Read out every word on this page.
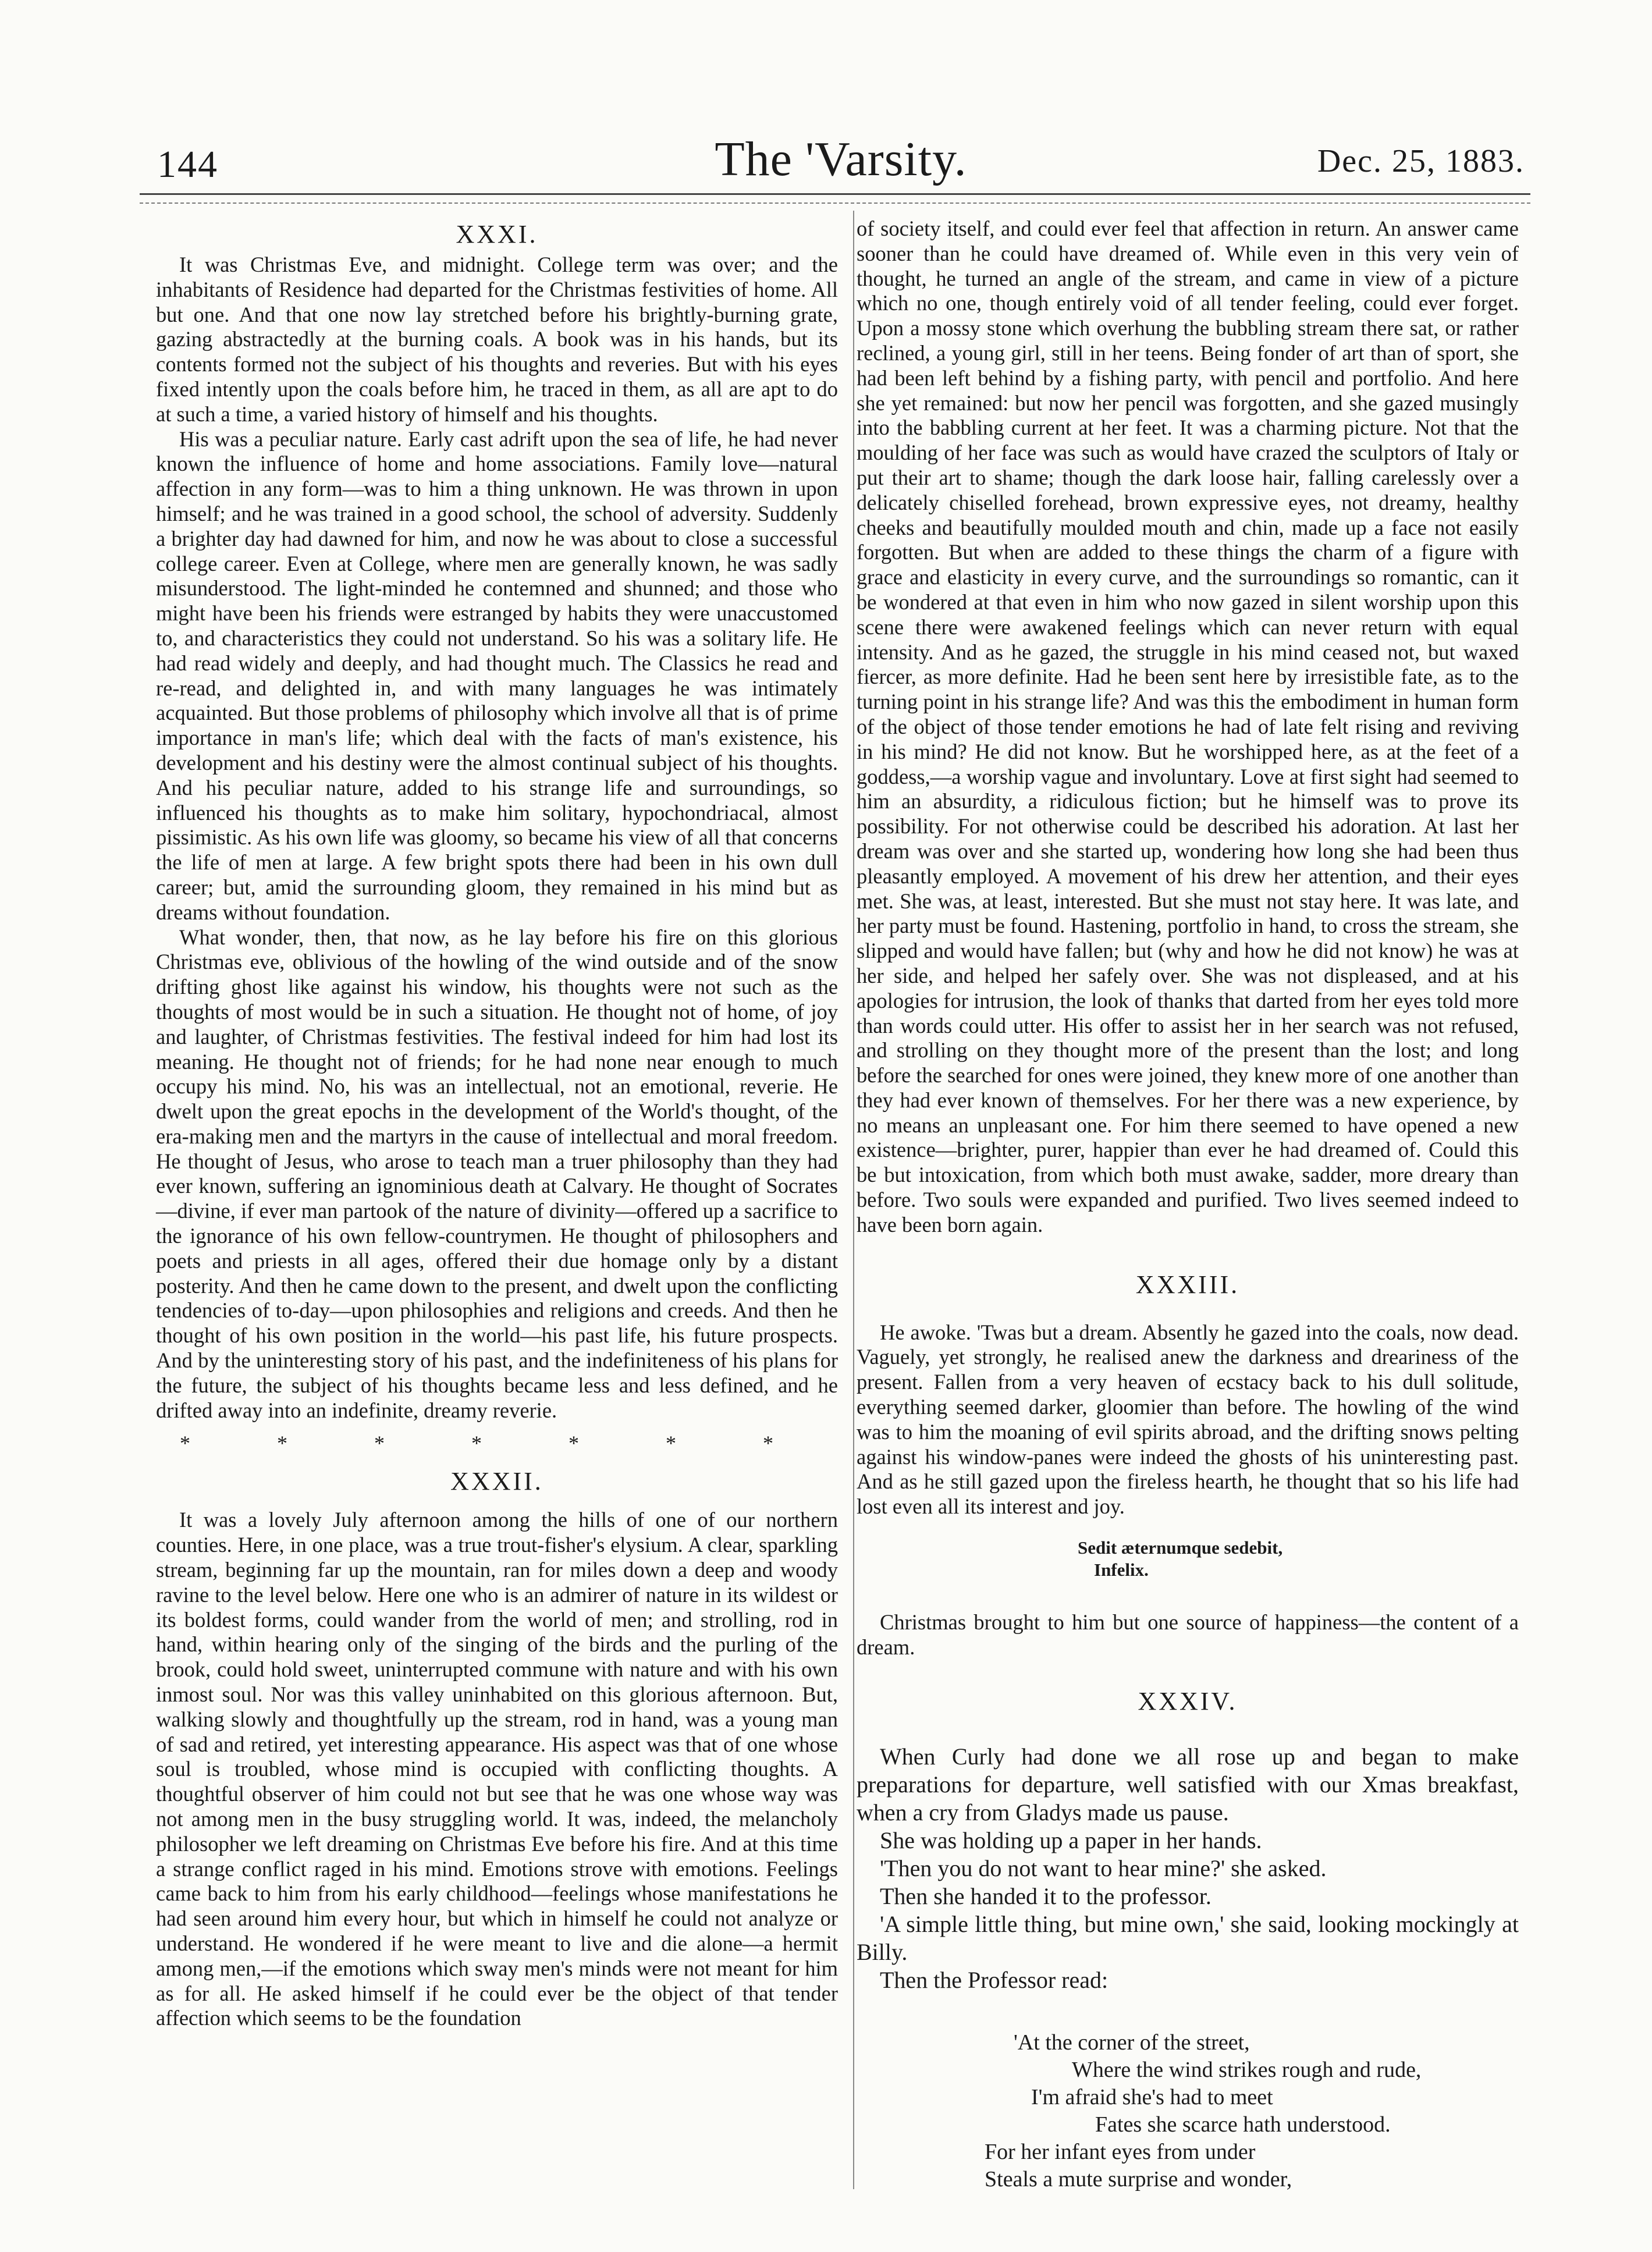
144	The 'Varsity.	Dec. 25, 1883.
XXXI.

It was Christmas Eve, and midnight. College term was over; and the inhabitants of Residence had departed for the Christmas festivities of home. All but one. And that one now lay stretched before his brightly-burning grate, gazing abstractedly at the burning coals. A book was in his hands, but its contents formed not the subject of his thoughts and reveries. But with his eyes fixed intently upon the coals before him, he traced in them, as all are apt to do at such a time, a varied history of himself and his thoughts.

His was a peculiar nature. Early cast adrift upon the sea of life, he had never known the influence of home and home associations. Family love—natural affection in any form—was to him a thing unknown. He was thrown in upon himself; and he was trained in a good school, the school of adversity. Suddenly a brighter day had dawned for him, and now he was about to close a successful college career. Even at College, where men are generally known, he was sadly misunderstood. The light-minded he contemned and shunned; and those who might have been his friends were estranged by habits they were unaccustomed to, and characteristics they could not understand. So his was a solitary life. He had read widely and deeply, and had thought much. The Classics he read and re-read, and delighted in, and with many languages he was intimately acquainted. But those problems of philosophy which involve all that is of prime importance in man's life; which deal with the facts of man's existence, his development and his destiny were the almost continual subject of his thoughts. And his peculiar nature, added to his strange life and surroundings, so influenced his thoughts as to make him solitary, hypochondriacal, almost pissimistic. As his own life was gloomy, so became his view of all that concerns the life of men at large. A few bright spots there had been in his own dull career; but, amid the surrounding gloom, they remained in his mind but as dreams without foundation.

What wonder, then, that now, as he lay before his fire on this glorious Christmas eve, oblivious of the howling of the wind outside and of the snow drifting ghost like against his window, his thoughts were not such as the thoughts of most would be in such a situation. He thought not of home, of joy and laughter, of Christmas festivities. The festival indeed for him had lost its meaning. He thought not of friends; for he had none near enough to much occupy his mind. No, his was an intellectual, not an emotional, reverie. He dwelt upon the great epochs in the development of the World's thought, of the era-making men and the martyrs in the cause of intellectual and moral freedom. He thought of Jesus, who arose to teach man a truer philosophy than they had ever known, suffering an ignominious death at Calvary. He thought of Socrates—divine, if ever man partook of the nature of divinity—offered up a sacrifice to the ignorance of his own fellow-countrymen. He thought of philosophers and poets and priests in all ages, offered their due homage only by a distant posterity. And then he came down to the present, and dwelt upon the conflicting tendencies of to-day—upon philosophies and religions and creeds. And then he thought of his own position in the world—his past life, his future prospects. And by the uninteresting story of his past, and the indefiniteness of his plans for the future, the subject of his thoughts became less and less defined, and he drifted away into an indefinite, dreamy reverie.

* * * * * * *
XXXII.

It was a lovely July afternoon among the hills of one of our northern counties. Here, in one place, was a true trout-fisher's elysium. A clear, sparkling stream, beginning far up the mountain, ran for miles down a deep and woody ravine to the level below. Here one who is an admirer of nature in its wildest or its boldest forms, could wander from the world of men; and strolling, rod in hand, within hearing only of the singing of the birds and the purling of the brook, could hold sweet, uninterrupted commune with nature and with his own inmost soul. Nor was this valley uninhabited on this glorious afternoon. But, walking slowly and thoughtfully up the stream, rod in hand, was a young man of sad and retired, yet interesting appearance. His aspect was that of one whose soul is troubled, whose mind is occupied with conflicting thoughts. A thoughtful observer of him could not but see that he was one whose way was not among men in the busy struggling world. It was, indeed, the melancholy philosopher we left dreaming on Christmas Eve before his fire. And at this time a strange conflict raged in his mind. Emotions strove with emotions. Feelings came back to him from his early childhood—feelings whose manifestations he had seen around him every hour, but which in himself he could not analyze or understand. He wondered if he were meant to live and die alone—a hermit among men,—if the emotions which sway men's minds were not meant for him as for all. He asked himself if he could ever be the object of that tender affection which seems to be the foundation

of society itself, and could ever feel that affection in return. An answer came sooner than he could have dreamed of. While even in this very vein of thought, he turned an angle of the stream, and came in view of a picture which no one, though entirely void of all tender feeling, could ever forget. Upon a mossy stone which overhung the bubbling stream there sat, or rather reclined, a young girl, still in her teens. Being fonder of art than of sport, she had been left behind by a fishing party, with pencil and portfolio. And here she yet remained: but now her pencil was forgotten, and she gazed musingly into the babbling current at her feet. It was a charming picture. Not that the moulding of her face was such as would have crazed the sculptors of Italy or put their art to shame; though the dark loose hair, falling carelessly over a delicately chiselled forehead, brown expressive eyes, not dreamy, healthy cheeks and beautifully moulded mouth and chin, made up a face not easily forgotten. But when are added to these things the charm of a figure with grace and elasticity in every curve, and the surroundings so romantic, can it be wondered at that even in him who now gazed in silent worship upon this scene there were awakened feelings which can never return with equal intensity. And as he gazed, the struggle in his mind ceased not, but waxed fiercer, as more definite. Had he been sent here by irresistible fate, as to the turning point in his strange life? And was this the embodiment in human form of the object of those tender emotions he had of late felt rising and reviving in his mind? He did not know. But he worshipped here, as at the feet of a goddess,—a worship vague and involuntary. Love at first sight had seemed to him an absurdity, a ridiculous fiction; but he himself was to prove its possibility. For not otherwise could be described his adoration. At last her dream was over and she started up, wondering how long she had been thus pleasantly employed. A movement of his drew her attention, and their eyes met. She was, at least, interested. But she must not stay here. It was late, and her party must be found. Hastening, portfolio in hand, to cross the stream, she slipped and would have fallen; but (why and how he did not know) he was at her side, and helped her safely over. She was not displeased, and at his apologies for intrusion, the look of thanks that darted from her eyes told more than words could utter. His offer to assist her in her search was not refused, and strolling on they thought more of the present than the lost; and long before the searched for ones were joined, they knew more of one another than they had ever known of themselves. For her there was a new experience, by no means an unpleasant one. For him there seemed to have opened a new existence—brighter, purer, happier than ever he had dreamed of. Could this be but intoxication, from which both must awake, sadder, more dreary than before. Two souls were expanded and purified. Two lives seemed indeed to have been born again.

XXXIII.

He awoke. 'Twas but a dream. Absently he gazed into the coals, now dead. Vaguely, yet strongly, he realised anew the darkness and dreariness of the present. Fallen from a very heaven of ecstacy back to his dull solitude, everything seemed darker, gloomier than before. The howling of the wind was to him the moaning of evil spirits abroad, and the drifting snows pelting against his window-panes were indeed the ghosts of his uninteresting past. And as he still gazed upon the fireless hearth, he thought that so his life had lost even all its interest and joy.

Sedit æternumque sedebit,
Infelix.

Christmas brought to him but one source of happiness—the content of a dream.

XXXIV.

When Curly had done we all rose up and began to make preparations for departure, well satisfied with our Xmas breakfast, when a cry from Gladys made us pause.

She was holding up a paper in her hands.

'Then you do not want to hear mine?' she asked.

Then she handed it to the professor.

'A simple little thing, but mine own,' she said, looking mockingly at Billy.

Then the Professor read:

'At the corner of the street,
Where the wind strikes rough and rude,
I'm afraid she's had to meet
Fates she scarce hath understood.
For her infant eyes from under
Steals a mute surprise and wonder,
